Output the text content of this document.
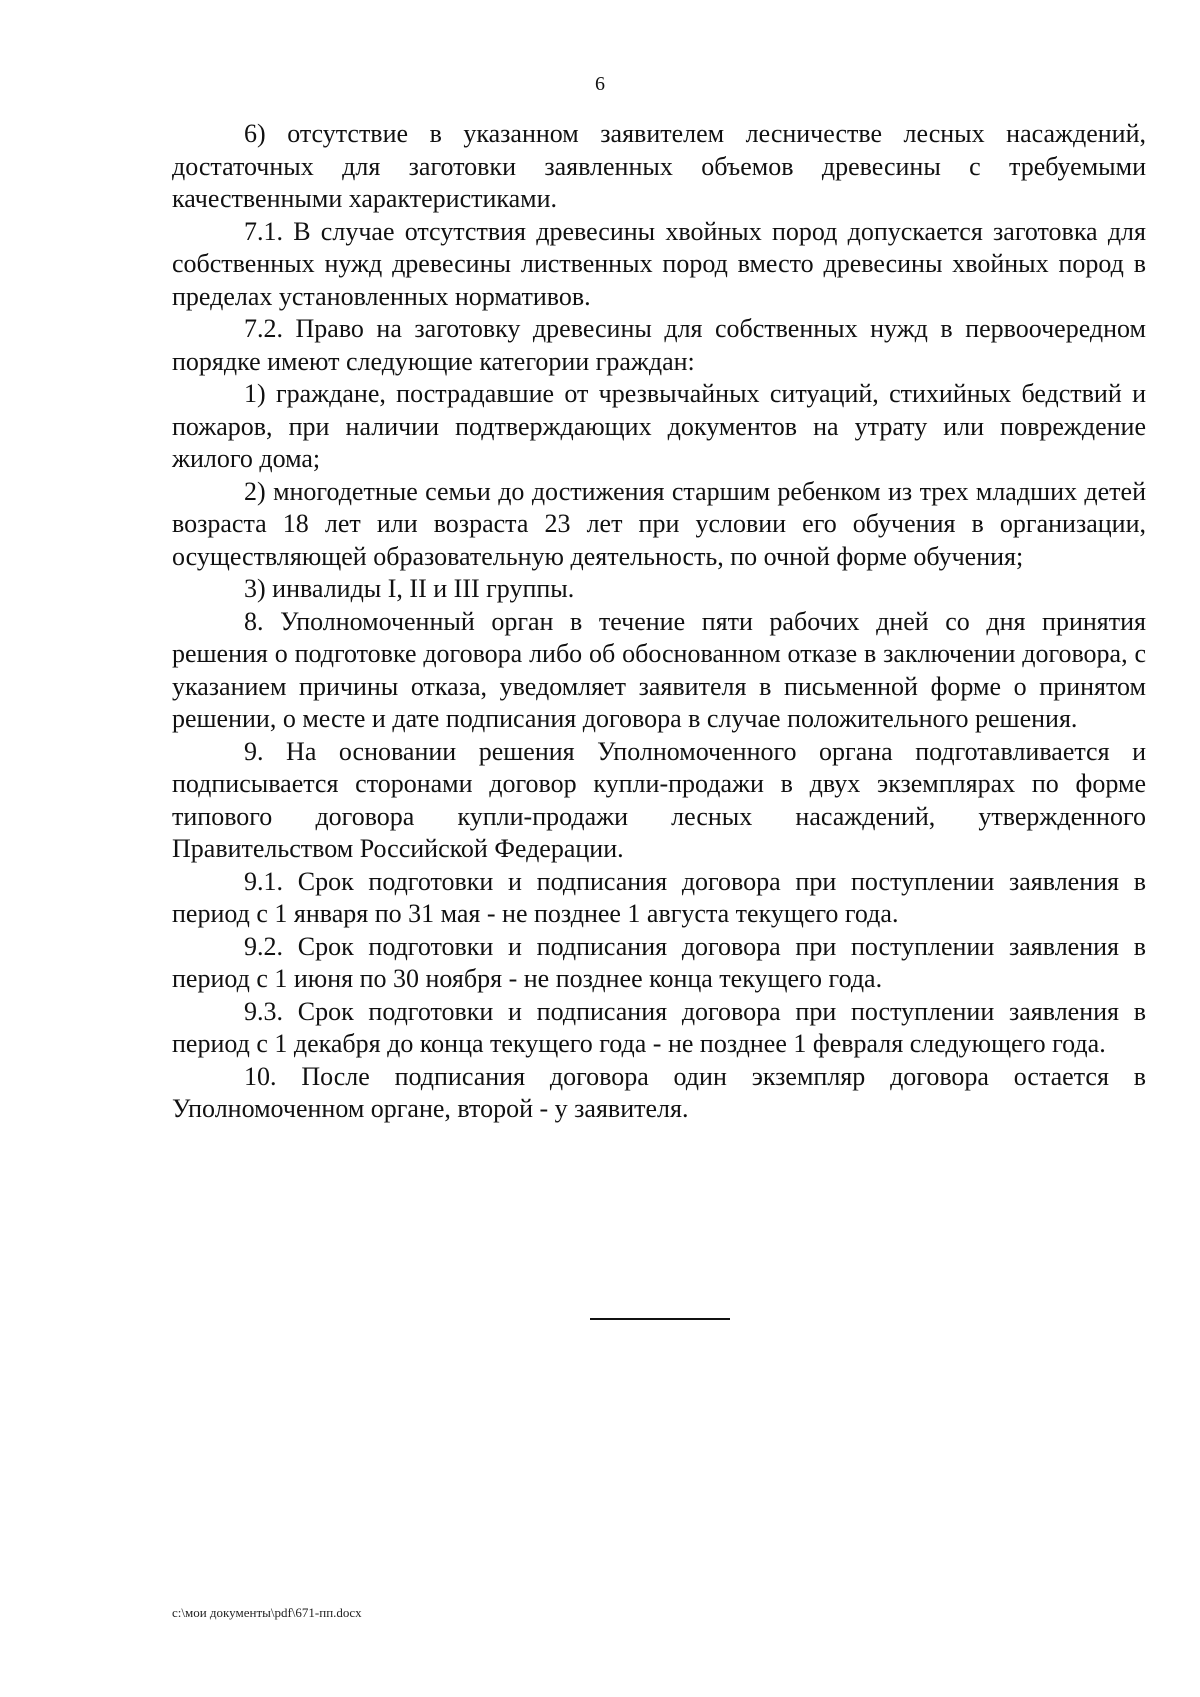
6

6) отсутствие в указанном заявителем лесничестве лесных насаждений, достаточных для заготовки заявленных объемов древесины с требуемыми качественными характеристиками.

7.1. В случае отсутствия древесины хвойных пород допускается заготовка для собственных нужд древесины лиственных пород вместо древесины хвойных пород в пределах установленных нормативов.

7.2. Право на заготовку древесины для собственных нужд в первоочередном порядке имеют следующие категории граждан:

1) граждане, пострадавшие от чрезвычайных ситуаций, стихийных бедствий и пожаров, при наличии подтверждающих документов на утрату или повреждение жилого дома;

2) многодетные семьи до достижения старшим ребенком из трех младших детей возраста 18 лет или возраста 23 лет при условии его обучения в организации, осуществляющей образовательную деятельность, по очной форме обучения;

3) инвалиды I, II и III группы.

8. Уполномоченный орган в течение пяти рабочих дней со дня принятия решения о подготовке договора либо об обоснованном отказе в заключении договора, с указанием причины отказа, уведомляет заявителя в письменной форме о принятом решении, о месте и дате подписания договора в случае положительного решения.

9. На основании решения Уполномоченного органа подготавливается и подписывается сторонами договор купли-продажи в двух экземплярах по форме типового договора купли-продажи лесных насаждений, утвержденного Правительством Российской Федерации.

9.1. Срок подготовки и подписания договора при поступлении заявления в период с 1 января по 31 мая - не позднее 1 августа текущего года.

9.2. Срок подготовки и подписания договора при поступлении заявления в период с 1 июня по 30 ноября - не позднее конца текущего года.

9.3. Срок подготовки и подписания договора при поступлении заявления в период с 1 декабря до конца текущего года - не позднее 1 февраля следующего года.

10. После подписания договора один экземпляр договора остается в Уполномоченном органе, второй - у заявителя.

c:\мои документы\pdf\671-пп.docx
